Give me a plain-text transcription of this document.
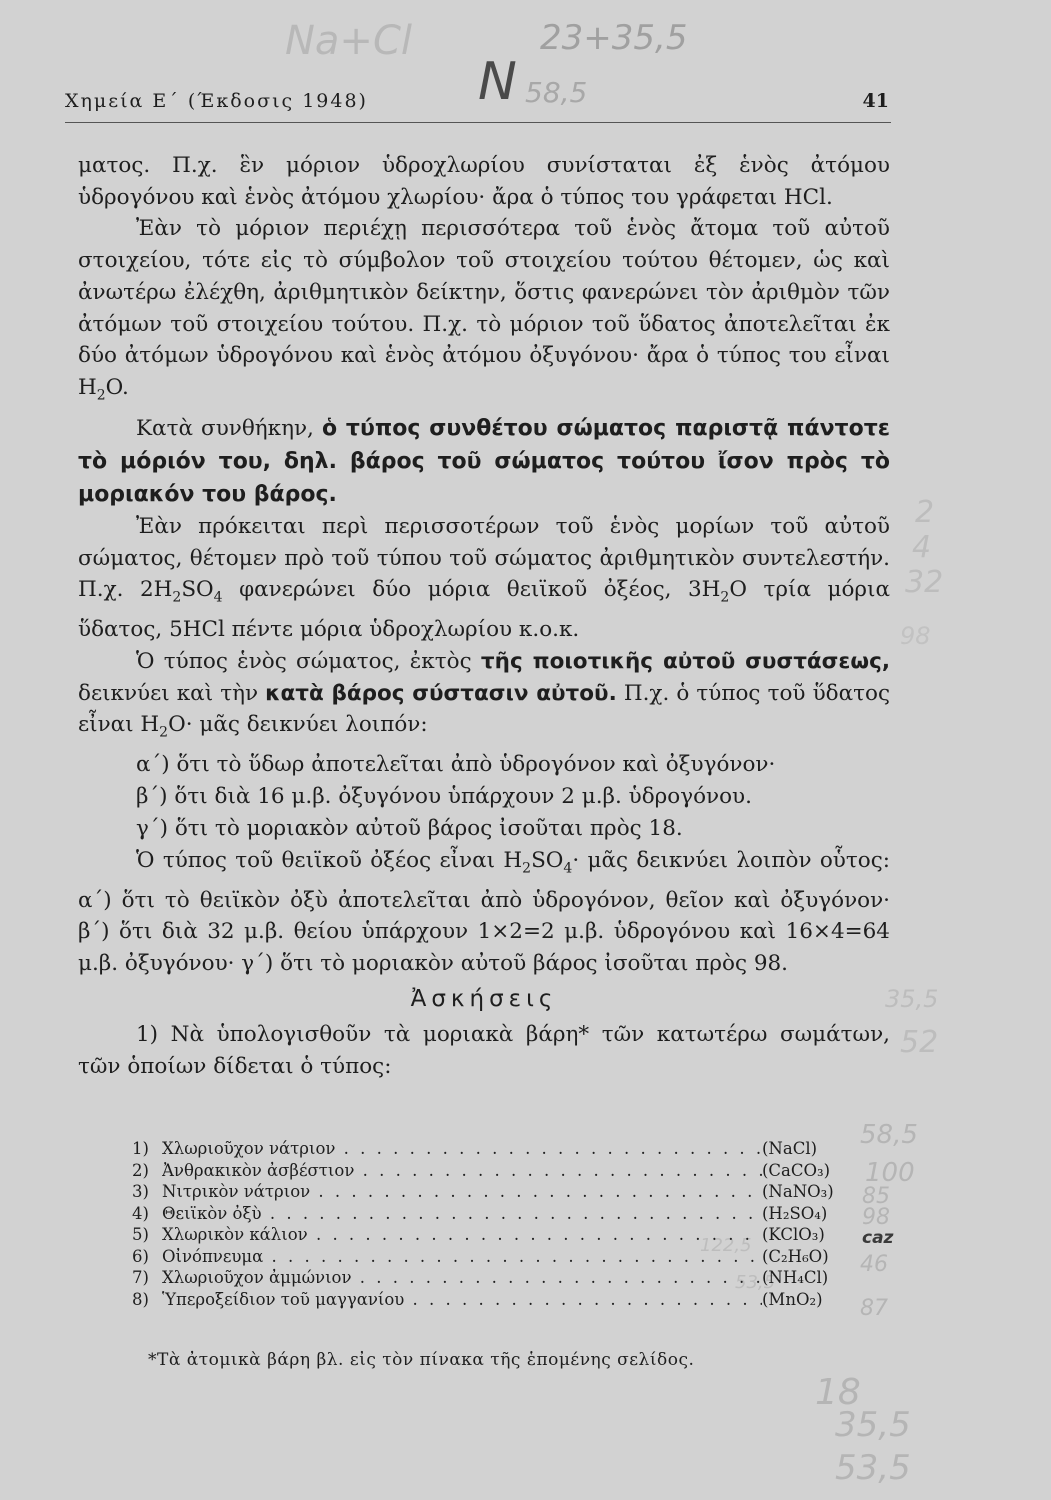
Na+Cl	23+35,5
N 58,5
2
4
32
98
35,5
52
58,5
100
85
98
caz
122,5
46
53,5
87
18
35,5
53,5
Χημεία Ε΄ (Έκδοσις 1948)	41

ματος. Π.χ. ἓν μόριον ὑδροχλωρίου συνίσταται ἐξ ἑνὸς ἀτόμου ὑδρογόνου καὶ ἑνὸς ἀτόμου χλωρίου· ἄρα ὁ τύπος του γράφεται HCl.

Ἐὰν τὸ μόριον περιέχῃ περισσότερα τοῦ ἑνὸς ἄτομα τοῦ αὐτοῦ στοιχείου, τότε εἰς τὸ σύμβολον τοῦ στοιχείου τούτου θέτομεν, ὡς καὶ ἀνωτέρω ἐλέχθη, ἀριθμητικὸν δείκτην, ὅστις φανερώνει τὸν ἀριθμὸν τῶν ἀτόμων τοῦ στοιχείου τούτου. Π.χ. τὸ μόριον τοῦ ὕδατος ἀποτελεῖται ἐκ δύο ἀτόμων ὑδρογόνου καὶ ἑνὸς ἀτόμου ὀξυγόνου· ἄρα ὁ τύπος του εἶναι $H_2O$.

Κατὰ συνθήκην, ὁ τύπος συνθέτου σώματος παριστᾷ πάντοτε τὸ μόριόν του, δηλ. βάρος τοῦ σώματος τούτου ἴσον πρὸς τὸ μοριακόν του βάρος.

Ἐὰν πρόκειται περὶ περισσοτέρων τοῦ ἑνὸς μορίων τοῦ αὐτοῦ σώματος, θέτομεν πρὸ τοῦ τύπου τοῦ σώματος ἀριθμητικὸν συντελεστήν. Π.χ. $2H_2SO_4$ φανερώνει δύο μόρια θειϊκοῦ ὀξέος, $3H_2O$ τρία μόρια ὕδατος, 5HCl πέντε μόρια ὑδροχλωρίου κ.ο.κ.

Ὁ τύπος ἑνὸς σώματος, ἐκτὸς τῆς ποιοτικῆς αὐτοῦ συστάσεως, δεικνύει καὶ τὴν κατὰ βάρος σύστασιν αὐτοῦ. Π.χ. ὁ τύπος τοῦ ὕδατος εἶναι $H_2O\cdot$ μᾶς δεικνύει λοιπόν:

α΄) ὅτι τὸ ὕδωρ ἀποτελεῖται ἀπὸ ὑδρογόνον καὶ ὀξυγόνον·

β΄) ὅτι διὰ 16 μ.β. ὀξυγόνου ὑπάρχουν 2 μ.β. ὑδρογόνου.

γ΄) ὅτι τὸ μοριακὸν αὐτοῦ βάρος ἰσοῦται πρὸς 18.

Ὁ τύπος τοῦ θειϊκοῦ ὀξέος εἶναι $H_2SO_4\cdot$ μᾶς δεικνύει λοιπὸν οὗτος: α΄) ὅτι τὸ θειϊκὸν ὀξὺ ἀποτελεῖται ἀπὸ ὑδρογόνον, θεῖον καὶ ὀξυγόνον· β΄) ὅτι διὰ 32 μ.β. θείου ὑπάρχουν 1×2=2 μ.β. ὑδρογόνου καὶ 16×4=64 μ.β. ὀξυγόνου· γ΄) ὅτι τὸ μοριακὸν αὐτοῦ βάρος ἰσοῦται πρὸς 98.

Ἀσκήσεις

1) Νὰ ὑπολογισθοῦν τὰ μοριακὰ βάρη* τῶν κατωτέρω σωμάτων, τῶν ὁποίων δίδεται ὁ τύπος:

1) Χλωριοῦχον νάτριον . . .	(NaCl)
2) Ἀνθρακικὸν ἀσβέστιον . . .	(CaCO₃)
3) Νιτρικὸν νάτριον . . .	(NaNO₃)
4) Θειϊκὸν ὀξὺ . . .	(H₂SO₄)
5) Χλωρικὸν κάλιον . . .	(KClO₃)
6) Οἰνόπνευμα . . .	(C₂H₆O)
7) Χλωριοῦχον ἀμμώνιον . . .	(NH₄Cl)
8) Ὑπεροξείδιον τοῦ μαγγανίου . . .	(MnO₂)
*Τὰ ἀτομικὰ βάρη βλ. εἰς τὸν πίνακα τῆς ἑπομένης σελίδος.
